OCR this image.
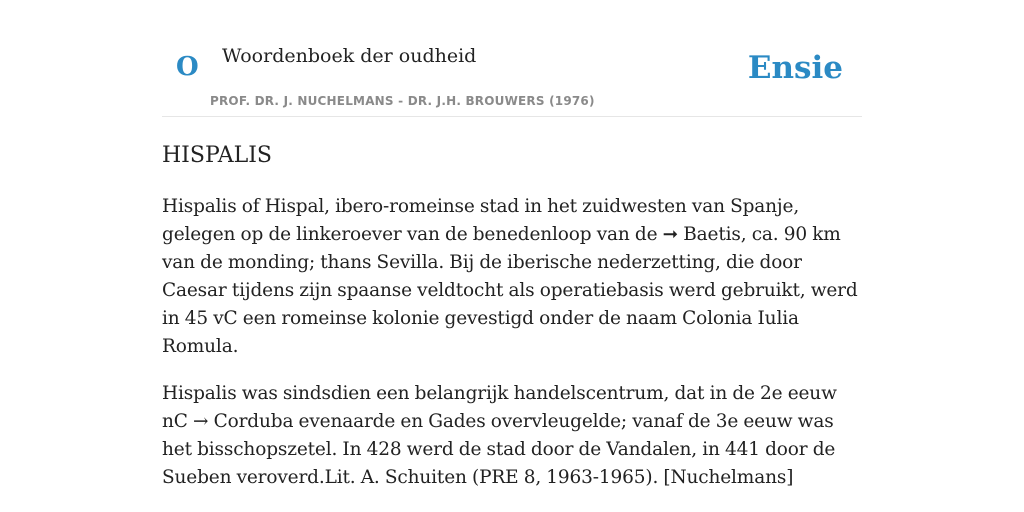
O Woordenboek der oudheid
PROF. DR. J. NUCHELMANS - DR. J.H. BROUWERS (1976)
Ensie
HISPALIS

Hispalis of Hispal, ibero-romeinse stad in het zuidwesten van Spanje, gelegen op de linkeroever van de benedenloop van de ➞ Baetis, ca. 90 km van de monding; thans Sevilla. Bij de iberische nederzetting, die door Caesar tijdens zijn spaanse veldtocht als operatiebasis werd gebruikt, werd in 45 vC een romeinse kolonie gevestigd onder de naam Colonia Iulia Romula.

Hispalis was sindsdien een belangrijk handelscentrum, dat in de 2e eeuw nC → Corduba evenaarde en Gades overvleugelde; vanaf de 3e eeuw was het bisschopszetel. In 428 werd de stad door de Vandalen, in 441 door de Sueben veroverd.Lit. A. Schuiten (PRE 8, 1963-1965). [Nuchelmans]
